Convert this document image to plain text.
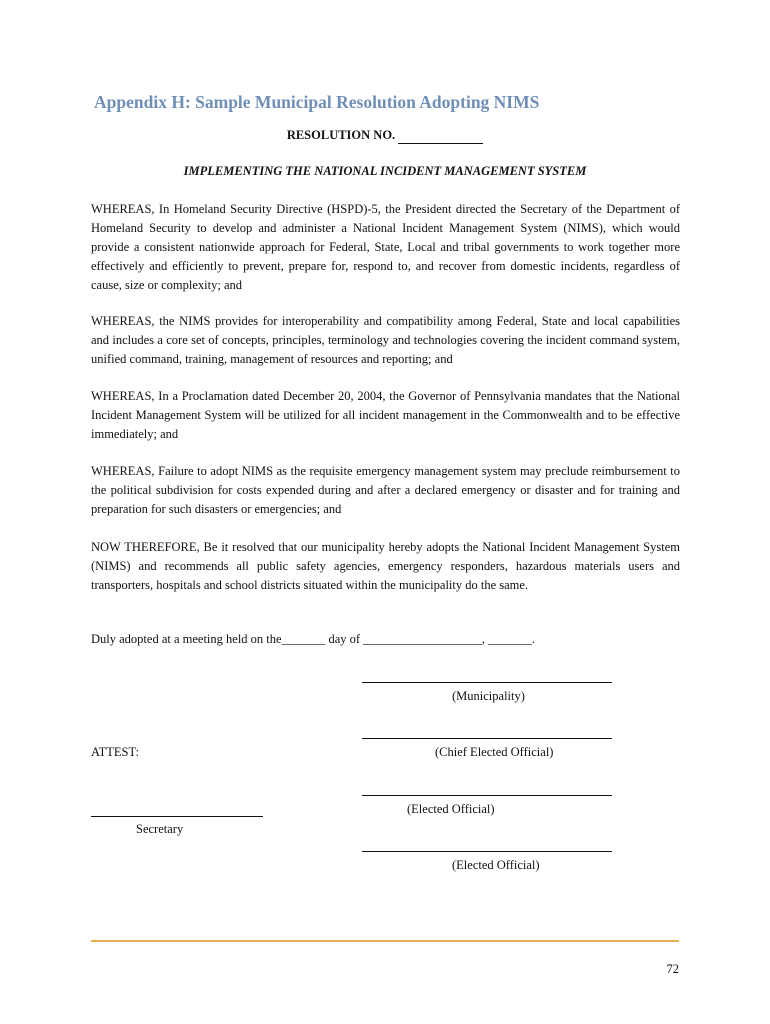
Appendix H: Sample Municipal Resolution Adopting NIMS
RESOLUTION NO.
IMPLEMENTING THE NATIONAL INCIDENT MANAGEMENT SYSTEM
WHEREAS, In Homeland Security Directive (HSPD)-5, the President directed the Secretary of the Department of Homeland Security to develop and administer a National Incident Management System (NIMS), which would provide a consistent nationwide approach for Federal, State, Local and tribal governments to work together more effectively and efficiently to prevent, prepare for, respond to, and recover from domestic incidents, regardless of cause, size or complexity; and
WHEREAS, the NIMS provides for interoperability and compatibility among Federal, State and local capabilities and includes a core set of concepts, principles, terminology and technologies covering the incident command system, unified command, training, management of resources and reporting; and
WHEREAS, In a Proclamation dated December 20, 2004, the Governor of Pennsylvania mandates that the National Incident Management System will be utilized for all incident management in the Commonwealth and to be effective immediately; and
WHEREAS, Failure to adopt NIMS as the requisite emergency management system may preclude reimbursement to the political subdivision for costs expended during and after a declared emergency or disaster and for training and preparation for such disasters or emergencies; and
NOW THEREFORE, Be it resolved that our municipality hereby adopts the National Incident Management System (NIMS) and recommends all public safety agencies, emergency responders, hazardous materials users and transporters, hospitals and school districts situated within the municipality do the same.
Duly adopted at a meeting held on the_______ day of ___________________, _______.
(Municipality)
(Chief Elected Official)
ATTEST:
(Elected Official)
Secretary
(Elected Official)
72
